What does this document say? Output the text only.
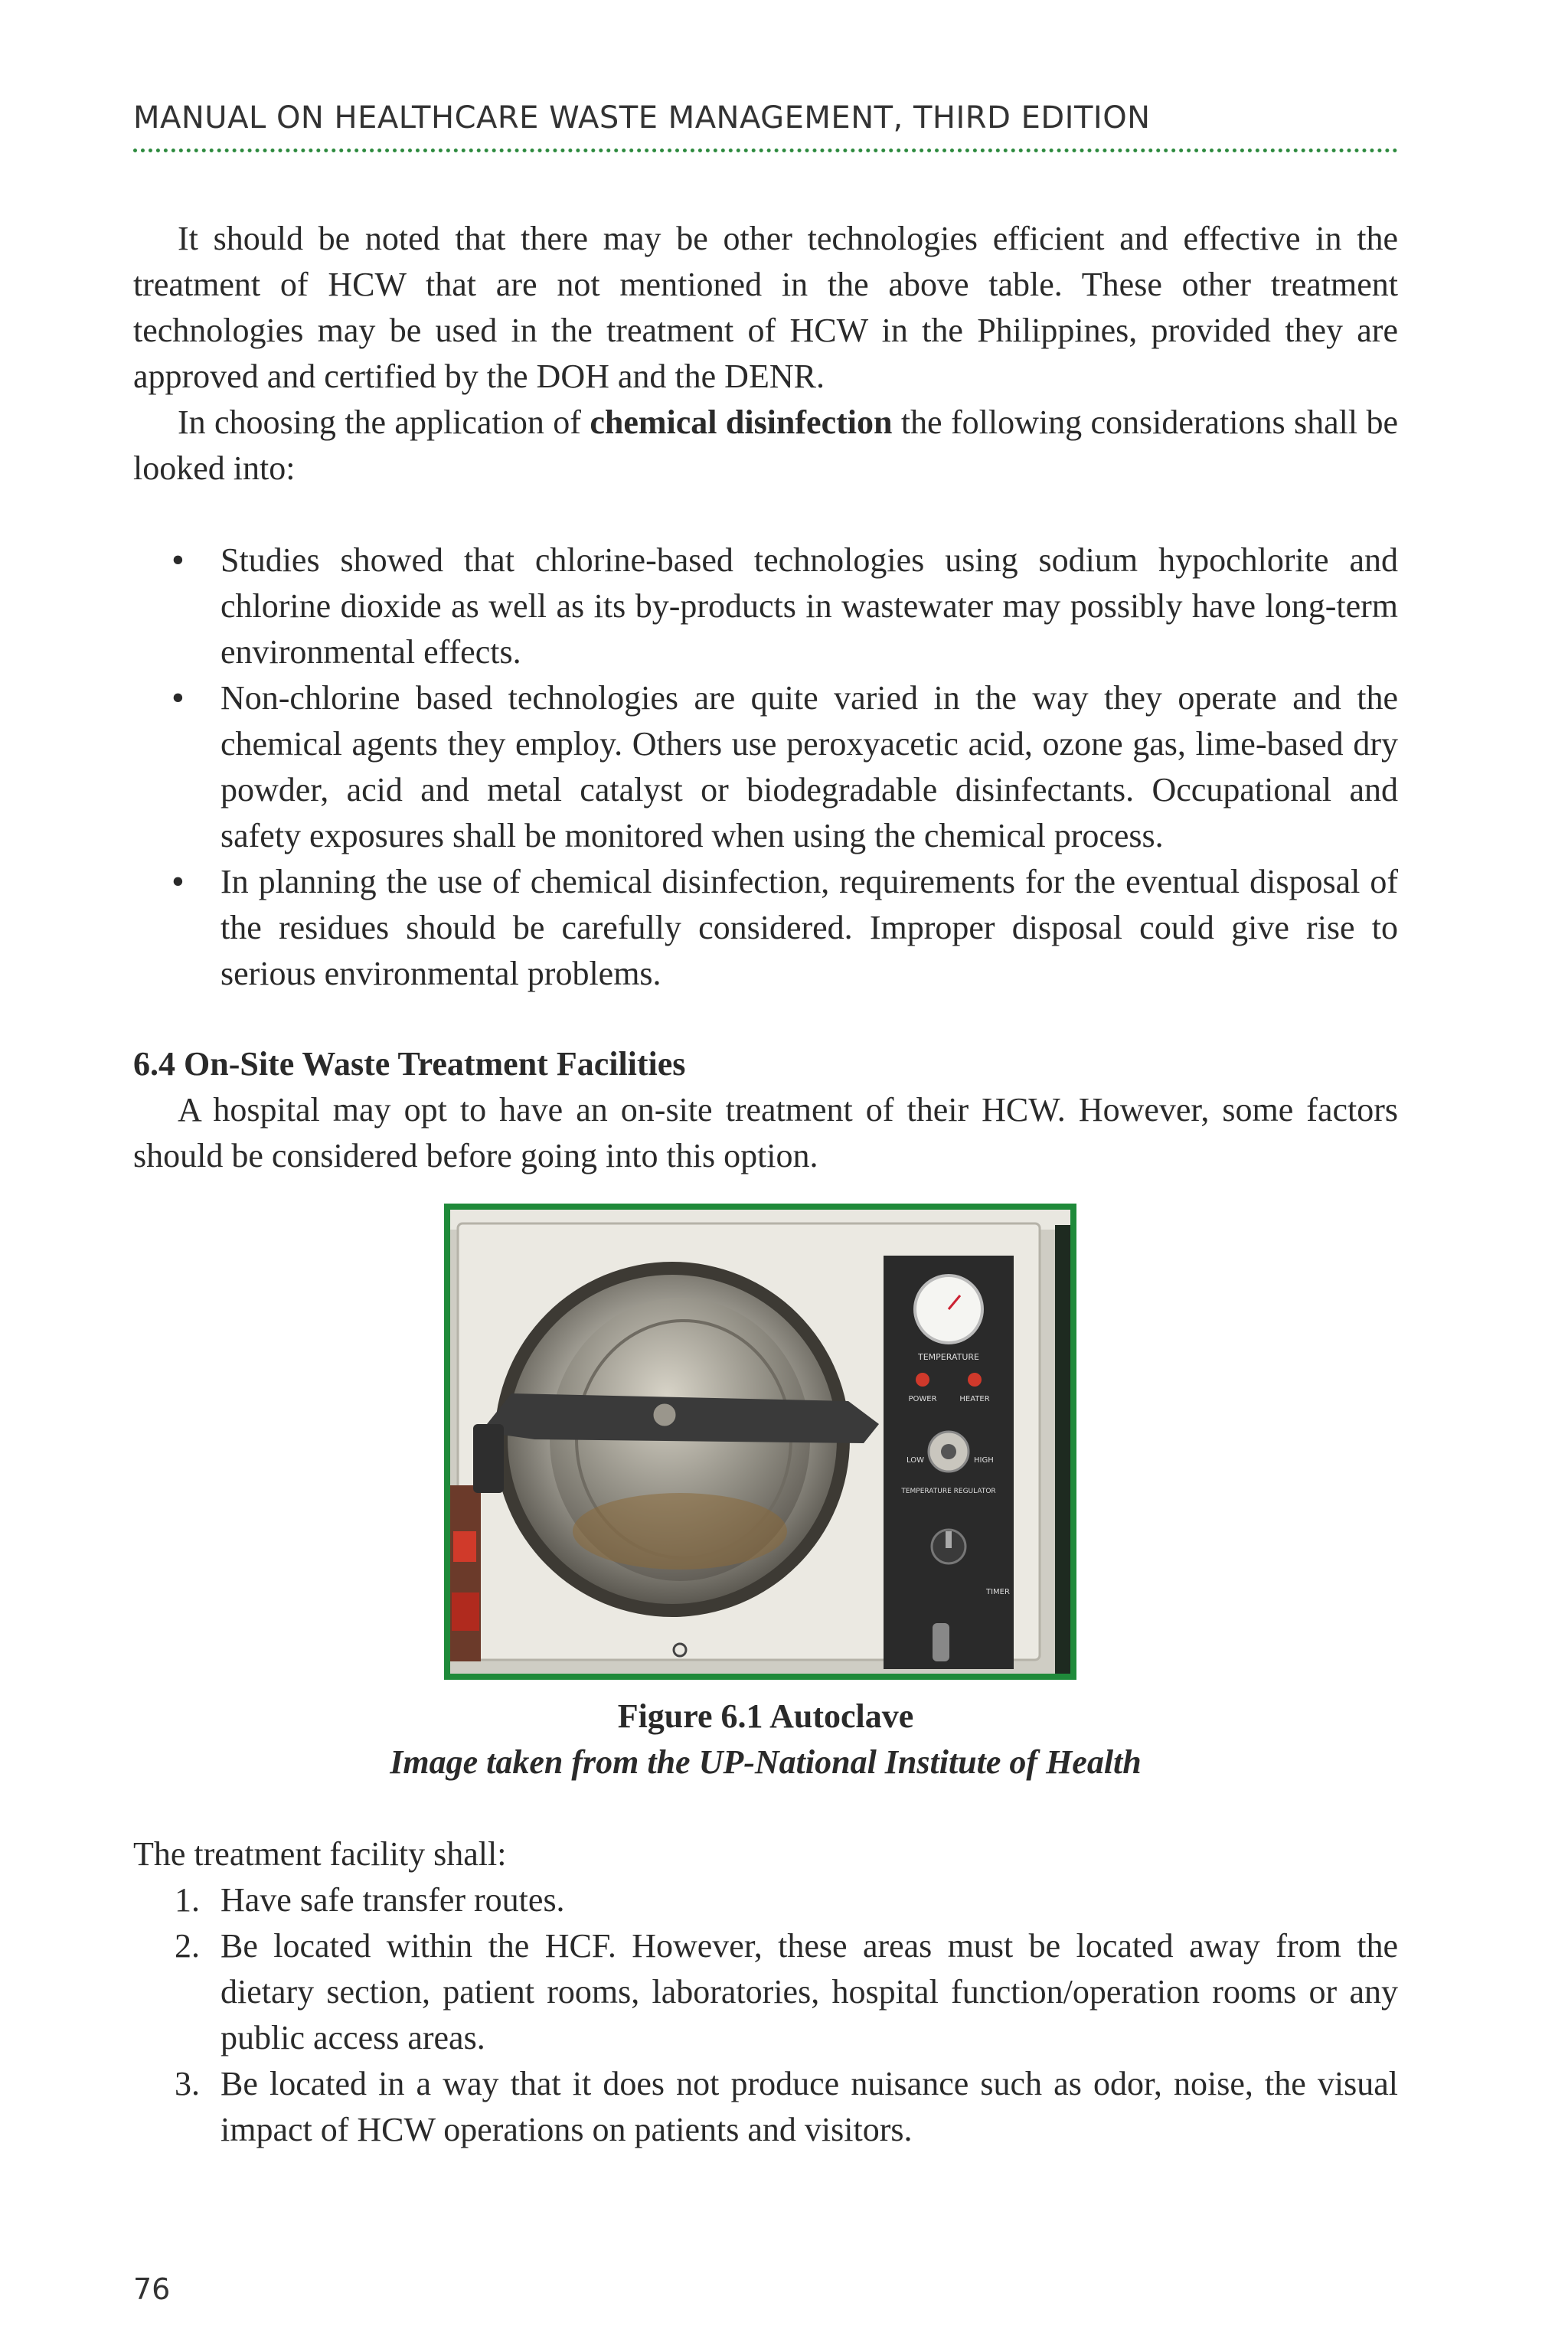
MANUAL ON HEALTHCARE WASTE MANAGEMENT, THIRD EDITION

It should be noted that there may be other technologies efficient and effective in the treatment of HCW that are not mentioned in the above table. These other treatment technologies may be used in the treatment of HCW in the Philippines, provided they are approved and certified by the DOH and the DENR.

In choosing the application of chemical disinfection the following considerations shall be looked into:

• Studies showed that chlorine-based technologies using sodium hypochlorite and chlorine dioxide as well as its by-products in wastewater may possibly have long-term environmental effects.
• Non-chlorine based technologies are quite varied in the way they operate and the chemical agents they employ. Others use peroxyacetic acid, ozone gas, lime-based dry powder, acid and metal catalyst or biodegradable disinfectants. Occupational and safety exposures shall be monitored when using the chemical process.
• In planning the use of chemical disinfection, requirements for the eventual disposal of the residues should be carefully considered. Improper disposal could give rise to serious environmental problems.
6.4 On-Site Waste Treatment Facilities

A hospital may opt to have an on-site treatment of their HCW. However, some factors should be considered before going into this option.

TEMPERATURE
POWER	HEATER
LOW	HIGH
TEMPERATURE REGULATOR
TIMER
Figure 6.1 Autoclave
Image taken from the UP-National Institute of Health

The treatment facility shall:

1. Have safe transfer routes.
2. Be located within the HCF. However, these areas must be located away from the dietary section, patient rooms, laboratories, hospital function/operation rooms or any public access areas.
3. Be located in a way that it does not produce nuisance such as odor, noise, the visual impact of HCW operations on patients and visitors.
76
